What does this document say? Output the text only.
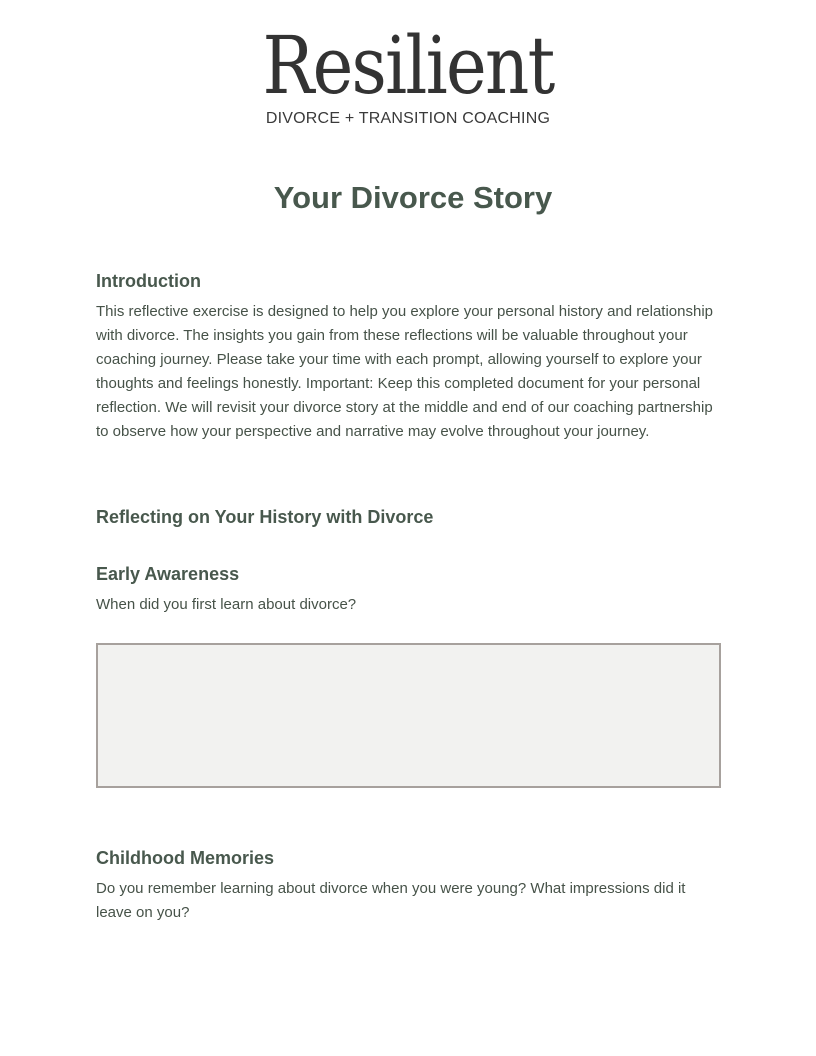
Resilient
DIVORCE + TRANSITION COACHING
Your Divorce Story
Introduction

This reflective exercise is designed to help you explore your personal history and relationship with divorce. The insights you gain from these reflections will be valuable throughout your coaching journey. Please take your time with each prompt, allowing yourself to explore your thoughts and feelings honestly. Important: Keep this completed document for your personal reflection. We will revisit your divorce story at the middle and end of our coaching partnership to observe how your perspective and narrative may evolve throughout your journey.

Reflecting on Your History with Divorce
Early Awareness

When did you first learn about divorce?

Childhood Memories

Do you remember learning about divorce when you were young? What impressions did it leave on you?
